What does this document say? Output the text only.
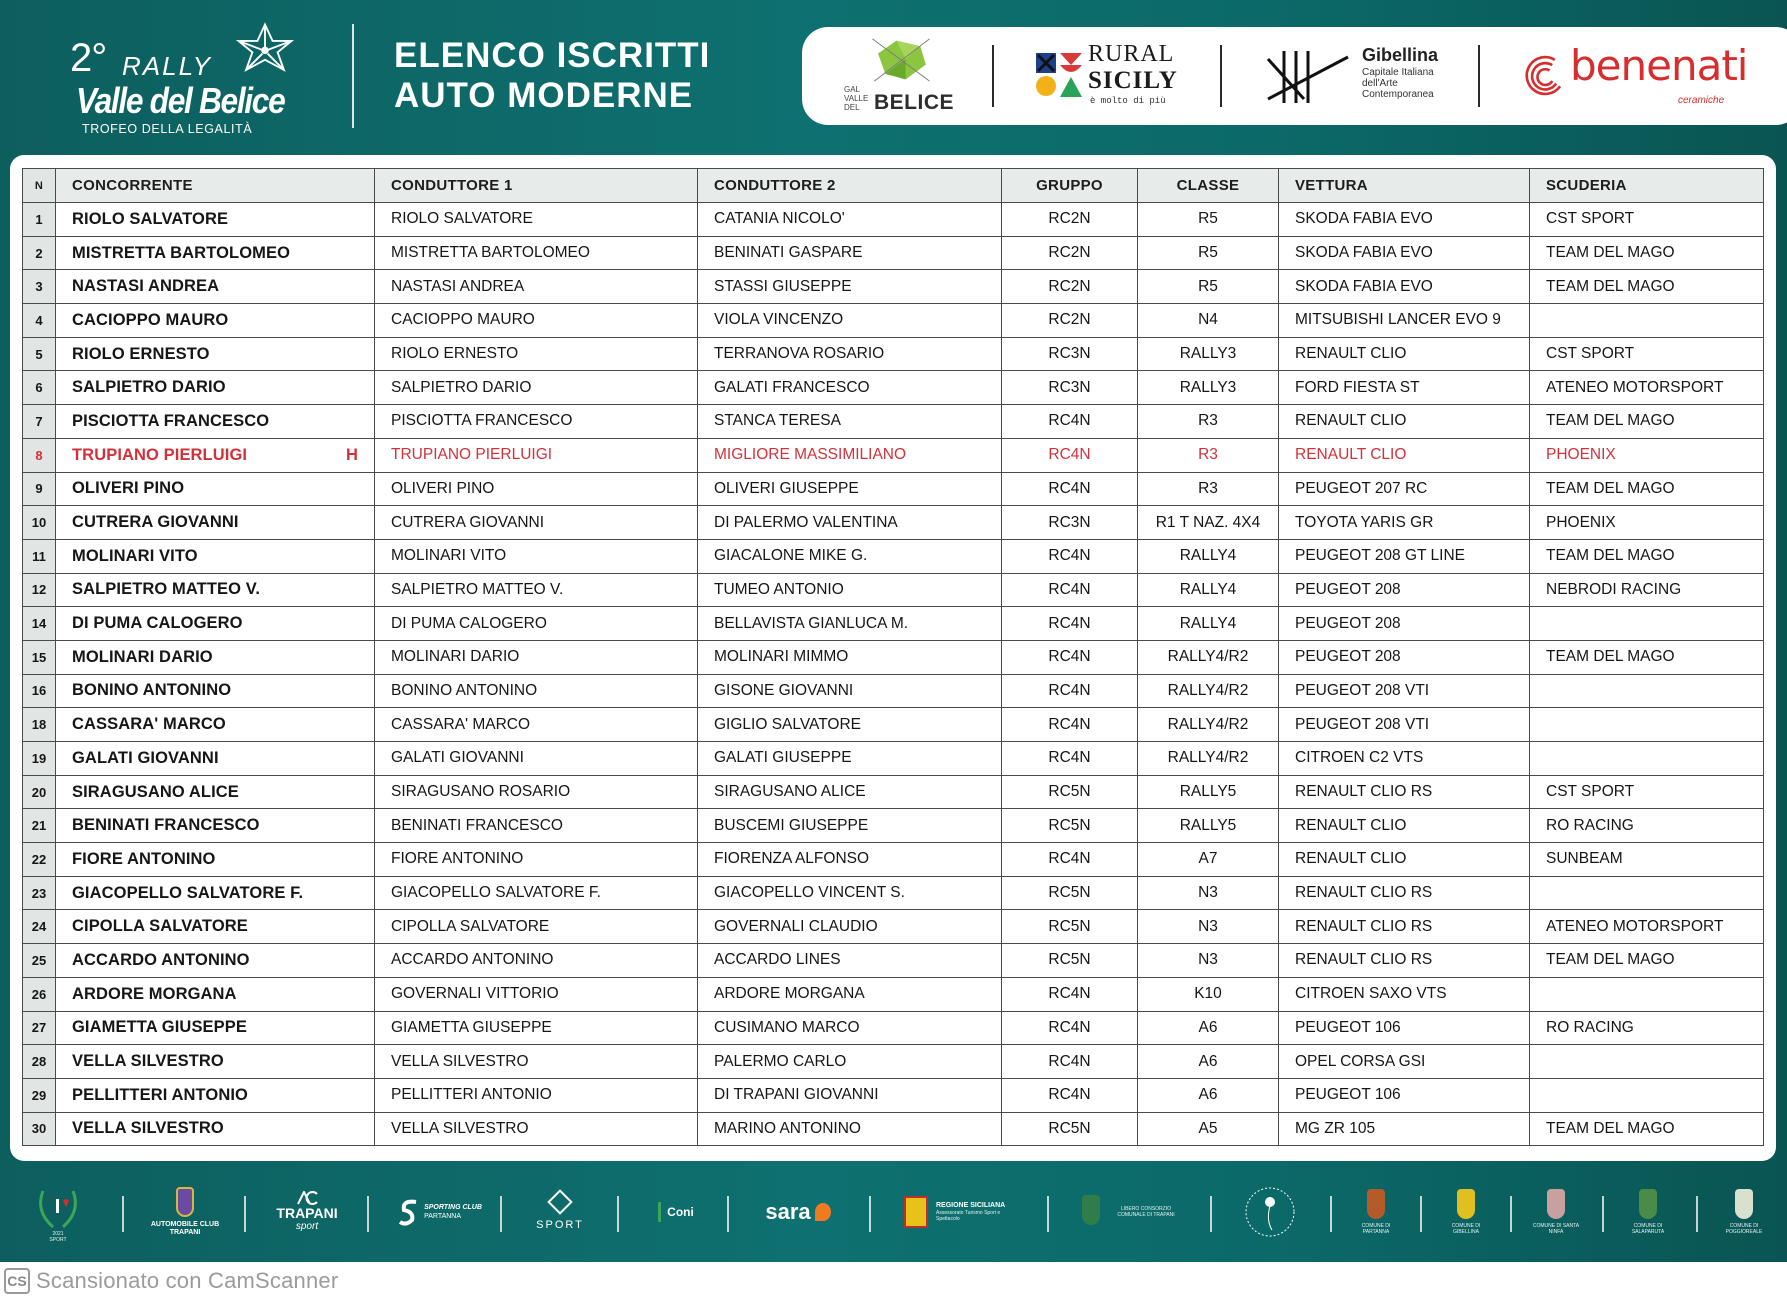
2° RALLY
Valle del Belice
TROFEO DELLA LEGALITÀ
ELENCO ISCRITTI
AUTO MODERNE	GAL
VALLE
DEL BELICE
RURAL
SICILY
è molto di più
Gibellina
Capitale Italiana dell'Arte Contemporanea
benenati
ceramiche
N	CONCORRENTE	CONDUTTORE 1	CONDUTTORE 2	GRUPPO	CLASSE	VETTURA	SCUDERIA
1	RIOLO SALVATORE	RIOLO SALVATORE	CATANIA NICOLO'	RC2N	R5	SKODA FABIA EVO	CST SPORT
2	MISTRETTA BARTOLOMEO	MISTRETTA BARTOLOMEO	BENINATI GASPARE	RC2N	R5	SKODA FABIA EVO	TEAM DEL MAGO
3	NASTASI ANDREA	NASTASI ANDREA	STASSI GIUSEPPE	RC2N	R5	SKODA FABIA EVO	TEAM DEL MAGO
4	CACIOPPO MAURO	CACIOPPO MAURO	VIOLA VINCENZO	RC2N	N4	MITSUBISHI LANCER EVO 9	
5	RIOLO ERNESTO	RIOLO ERNESTO	TERRANOVA ROSARIO	RC3N	RALLY3	RENAULT CLIO	CST SPORT
6	SALPIETRO DARIO	SALPIETRO DARIO	GALATI FRANCESCO	RC3N	RALLY3	FORD FIESTA ST	ATENEO MOTORSPORT
7	PISCIOTTA FRANCESCO	PISCIOTTA FRANCESCO	STANCA TERESA	RC4N	R3	RENAULT CLIO	TEAM DEL MAGO
8	TRUPIANO PIERLUIGI H	TRUPIANO PIERLUIGI	MIGLIORE MASSIMILIANO	RC4N	R3	RENAULT CLIO	PHOENIX
9	OLIVERI PINO	OLIVERI PINO	OLIVERI GIUSEPPE	RC4N	R3	PEUGEOT 207 RC	TEAM DEL MAGO
10	CUTRERA GIOVANNI	CUTRERA GIOVANNI	DI PALERMO VALENTINA	RC3N	R1 T NAZ. 4X4	TOYOTA YARIS GR	PHOENIX
11	MOLINARI VITO	MOLINARI VITO	GIACALONE MIKE G.	RC4N	RALLY4	PEUGEOT 208 GT LINE	TEAM DEL MAGO
12	SALPIETRO MATTEO V.	SALPIETRO MATTEO V.	TUMEO ANTONIO	RC4N	RALLY4	PEUGEOT 208	NEBRODI RACING
14	DI PUMA CALOGERO	DI PUMA CALOGERO	BELLAVISTA GIANLUCA M.	RC4N	RALLY4	PEUGEOT 208	
15	MOLINARI DARIO	MOLINARI DARIO	MOLINARI MIMMO	RC4N	RALLY4/R2	PEUGEOT 208	TEAM DEL MAGO
16	BONINO ANTONINO	BONINO ANTONINO	GISONE GIOVANNI	RC4N	RALLY4/R2	PEUGEOT 208 VTI	
18	CASSARA' MARCO	CASSARA' MARCO	GIGLIO SALVATORE	RC4N	RALLY4/R2	PEUGEOT 208 VTI	
19	GALATI GIOVANNI	GALATI GIOVANNI	GALATI GIUSEPPE	RC4N	RALLY4/R2	CITROEN C2 VTS	
20	SIRAGUSANO ALICE	SIRAGUSANO ROSARIO	SIRAGUSANO ALICE	RC5N	RALLY5	RENAULT CLIO RS	CST SPORT
21	BENINATI FRANCESCO	BENINATI FRANCESCO	BUSCEMI GIUSEPPE	RC5N	RALLY5	RENAULT CLIO	RO RACING
22	FIORE ANTONINO	FIORE ANTONINO	FIORENZA ALFONSO	RC4N	A7	RENAULT CLIO	SUNBEAM
23	GIACOPELLO SALVATORE F.	GIACOPELLO SALVATORE F.	GIACOPELLO VINCENT S.	RC5N	N3	RENAULT CLIO RS	
24	CIPOLLA SALVATORE	CIPOLLA SALVATORE	GOVERNALI CLAUDIO	RC5N	N3	RENAULT CLIO RS	ATENEO MOTORSPORT
25	ACCARDO ANTONINO	ACCARDO ANTONINO	ACCARDO LINES	RC5N	N3	RENAULT CLIO RS	TEAM DEL MAGO
26	ARDORE MORGANA	GOVERNALI VITTORIO	ARDORE MORGANA	RC4N	K10	CITROEN SAXO VTS	
27	GIAMETTA GIUSEPPE	GIAMETTA GIUSEPPE	CUSIMANO MARCO	RC4N	A6	PEUGEOT 106	RO RACING
28	VELLA SILVESTRO	VELLA SILVESTRO	PALERMO CARLO	RC4N	A6	OPEL CORSA GSI	
29	PELLITTERI ANTONIO	PELLITTERI ANTONIO	DI TRAPANI GIOVANNI	RC4N	A6	PEUGEOT 106	
30	VELLA SILVESTRO	VELLA SILVESTRO	MARINO ANTONINO	RC5N	A5	MG ZR 105	TEAM DEL MAGO
2021
SPORT
AUTOMOBILE CLUB TRAPANI
TRAPANI
sport
SPORTING CLUB
PARTANNA
SPORT
Coni	sara	REGIONE SICILIANA
Assessorato Turismo Sport e Spettacolo
LIBERO CONSORZIO COMUNALE DI TRAPANI
COMUNE DI PARTANNA
COMUNE DI GIBELLINA
COMUNE DI SANTA NINFA
COMUNE DI SALAPARUTA
COMUNE DI POGGIOREALE
CS Scansionato con CamScanner
